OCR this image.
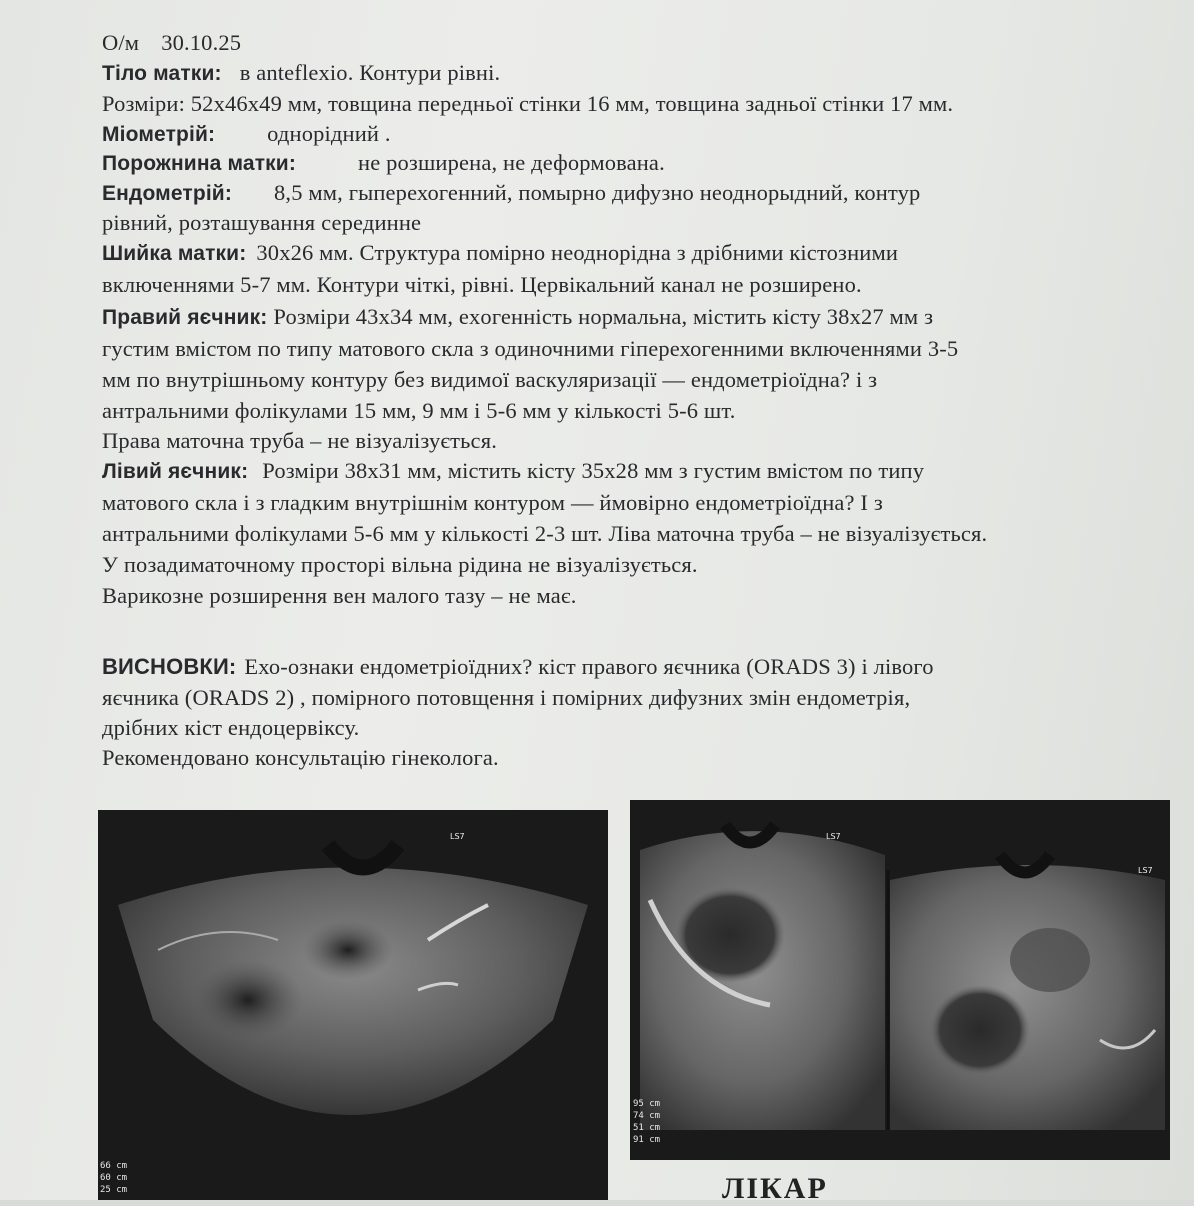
О/м 30.10.25
Тіло матки: в anteflexio. Контури рівні.
Розміри: 52х46х49 мм, товщина передньої стінки 16 мм, товщина задньої стінки 17 мм.
Міометрій: однорідний .
Порожнина матки:	не розширена, не деформована.
Ендометрій: 8,5 мм, гыперехогенний, помырно дифузно неоднорыдний, контур
рівний, розташування серединне
Шийка матки: 30х26 мм. Структура помірно неоднорідна з дрібними кістозними
включеннями 5-7 мм. Контури чіткі, рівні. Цервікальний канал не розширено.
Правий яєчник: Розміри 43х34 мм, exогенність нормальна, містить кісту 38х27 мм з
густим вмістом по типу матового скла з одиночними гіперехогенними включеннями 3-5
мм по внутрішньому контуру без видимої васкуляризації — ендометріоїдна? і з
антральними фолікулами 15 мм, 9 мм і 5-6 мм у кількості 5-6 шт.
Права маточна труба – не візуалізується.
Лівий яєчник: Розміри 38х31 мм, містить кісту 35х28 мм з густим вмістом по типу
матового скла і з гладким внутрішнім контуром — ймовірно ендометріоїдна? І з
антральними фолікулами 5-6 мм у кількості 2-3 шт. Ліва маточна труба – не візуалізується.
У позадиматочному просторі вільна рідина не візуалізується.
Варикозне розширення вен малого тазу – не має.
ВИСНОВКИ: Ехо-ознаки ендометріоїдних? кіст правого яєчника (ORADS 3) і лівого
яєчника (ORADS 2) , помірного потовщення і помірних дифузних змін ендометрія,
дрібних кіст ендоцервіксу.
Рекомендовано консультацію гінеколога.
LS7
66 cm
60 cm
25 cm
LS7
LS7
95 cm
74 cm
51 cm
91 cm
ЛІКАР
